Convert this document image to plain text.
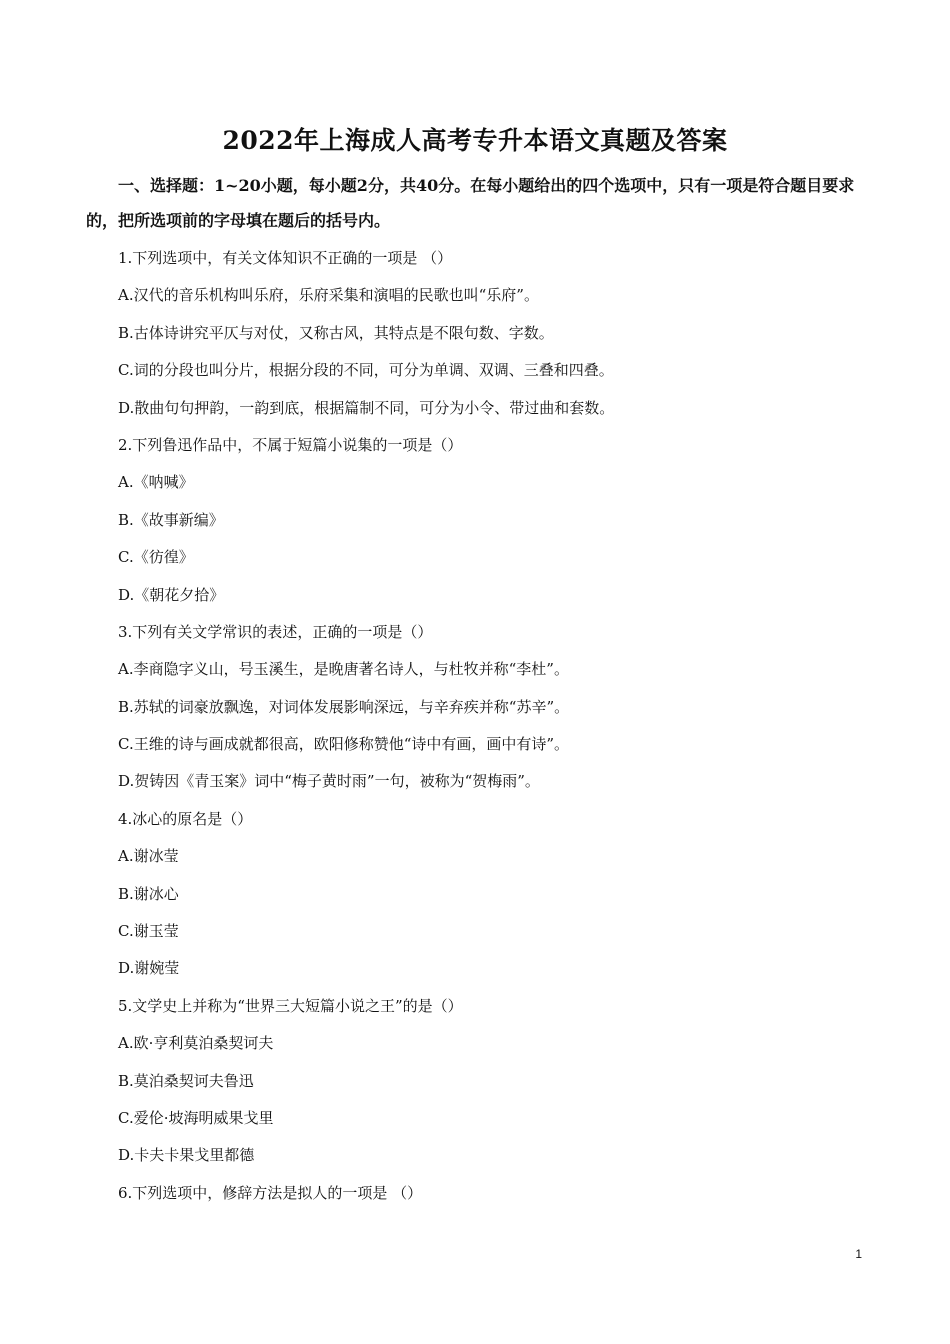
2022年上海成人高考专升本语文真题及答案
一、选择题：1~20小题，每小题2分，共40分。在每小题给出的四个选项中，只有一项是符合题目要求的，把所选项前的字母填在题后的括号内。
1.下列选项中，有关文体知识不正确的一项是 （）
A.汉代的音乐机构叫乐府，乐府采集和演唱的民歌也叫“乐府”。
B.古体诗讲究平仄与对仗，又称古风，其特点是不限句数、字数。
C.词的分段也叫分片，根据分段的不同，可分为单调、双调、三叠和四叠。
D.散曲句句押韵，一韵到底，根据篇制不同，可分为小令、带过曲和套数。
2.下列鲁迅作品中，不属于短篇小说集的一项是（）
A.《呐喊》
B.《故事新编》
C.《彷徨》
D.《朝花夕拾》
3.下列有关文学常识的表述，正确的一项是（）
A.李商隐字义山，号玉溪生，是晚唐著名诗人，与杜牧并称“李杜”。
B.苏轼的词豪放飘逸，对词体发展影响深远，与辛弃疾并称“苏辛”。
C.王维的诗与画成就都很高，欧阳修称赞他“诗中有画，画中有诗”。
D.贺铸因《青玉案》词中“梅子黄时雨”一句，被称为“贺梅雨”。
4.冰心的原名是（）
A.谢冰莹
B.谢冰心
C.谢玉莹
D.谢婉莹
5.文学史上并称为“世界三大短篇小说之王”的是（）
A.欧·亨利莫泊桑契诃夫
B.莫泊桑契诃夫鲁迅
C.爱伦·坡海明威果戈里
D.卡夫卡果戈里都德
6.下列选项中，修辞方法是拟人的一项是 （）
1
